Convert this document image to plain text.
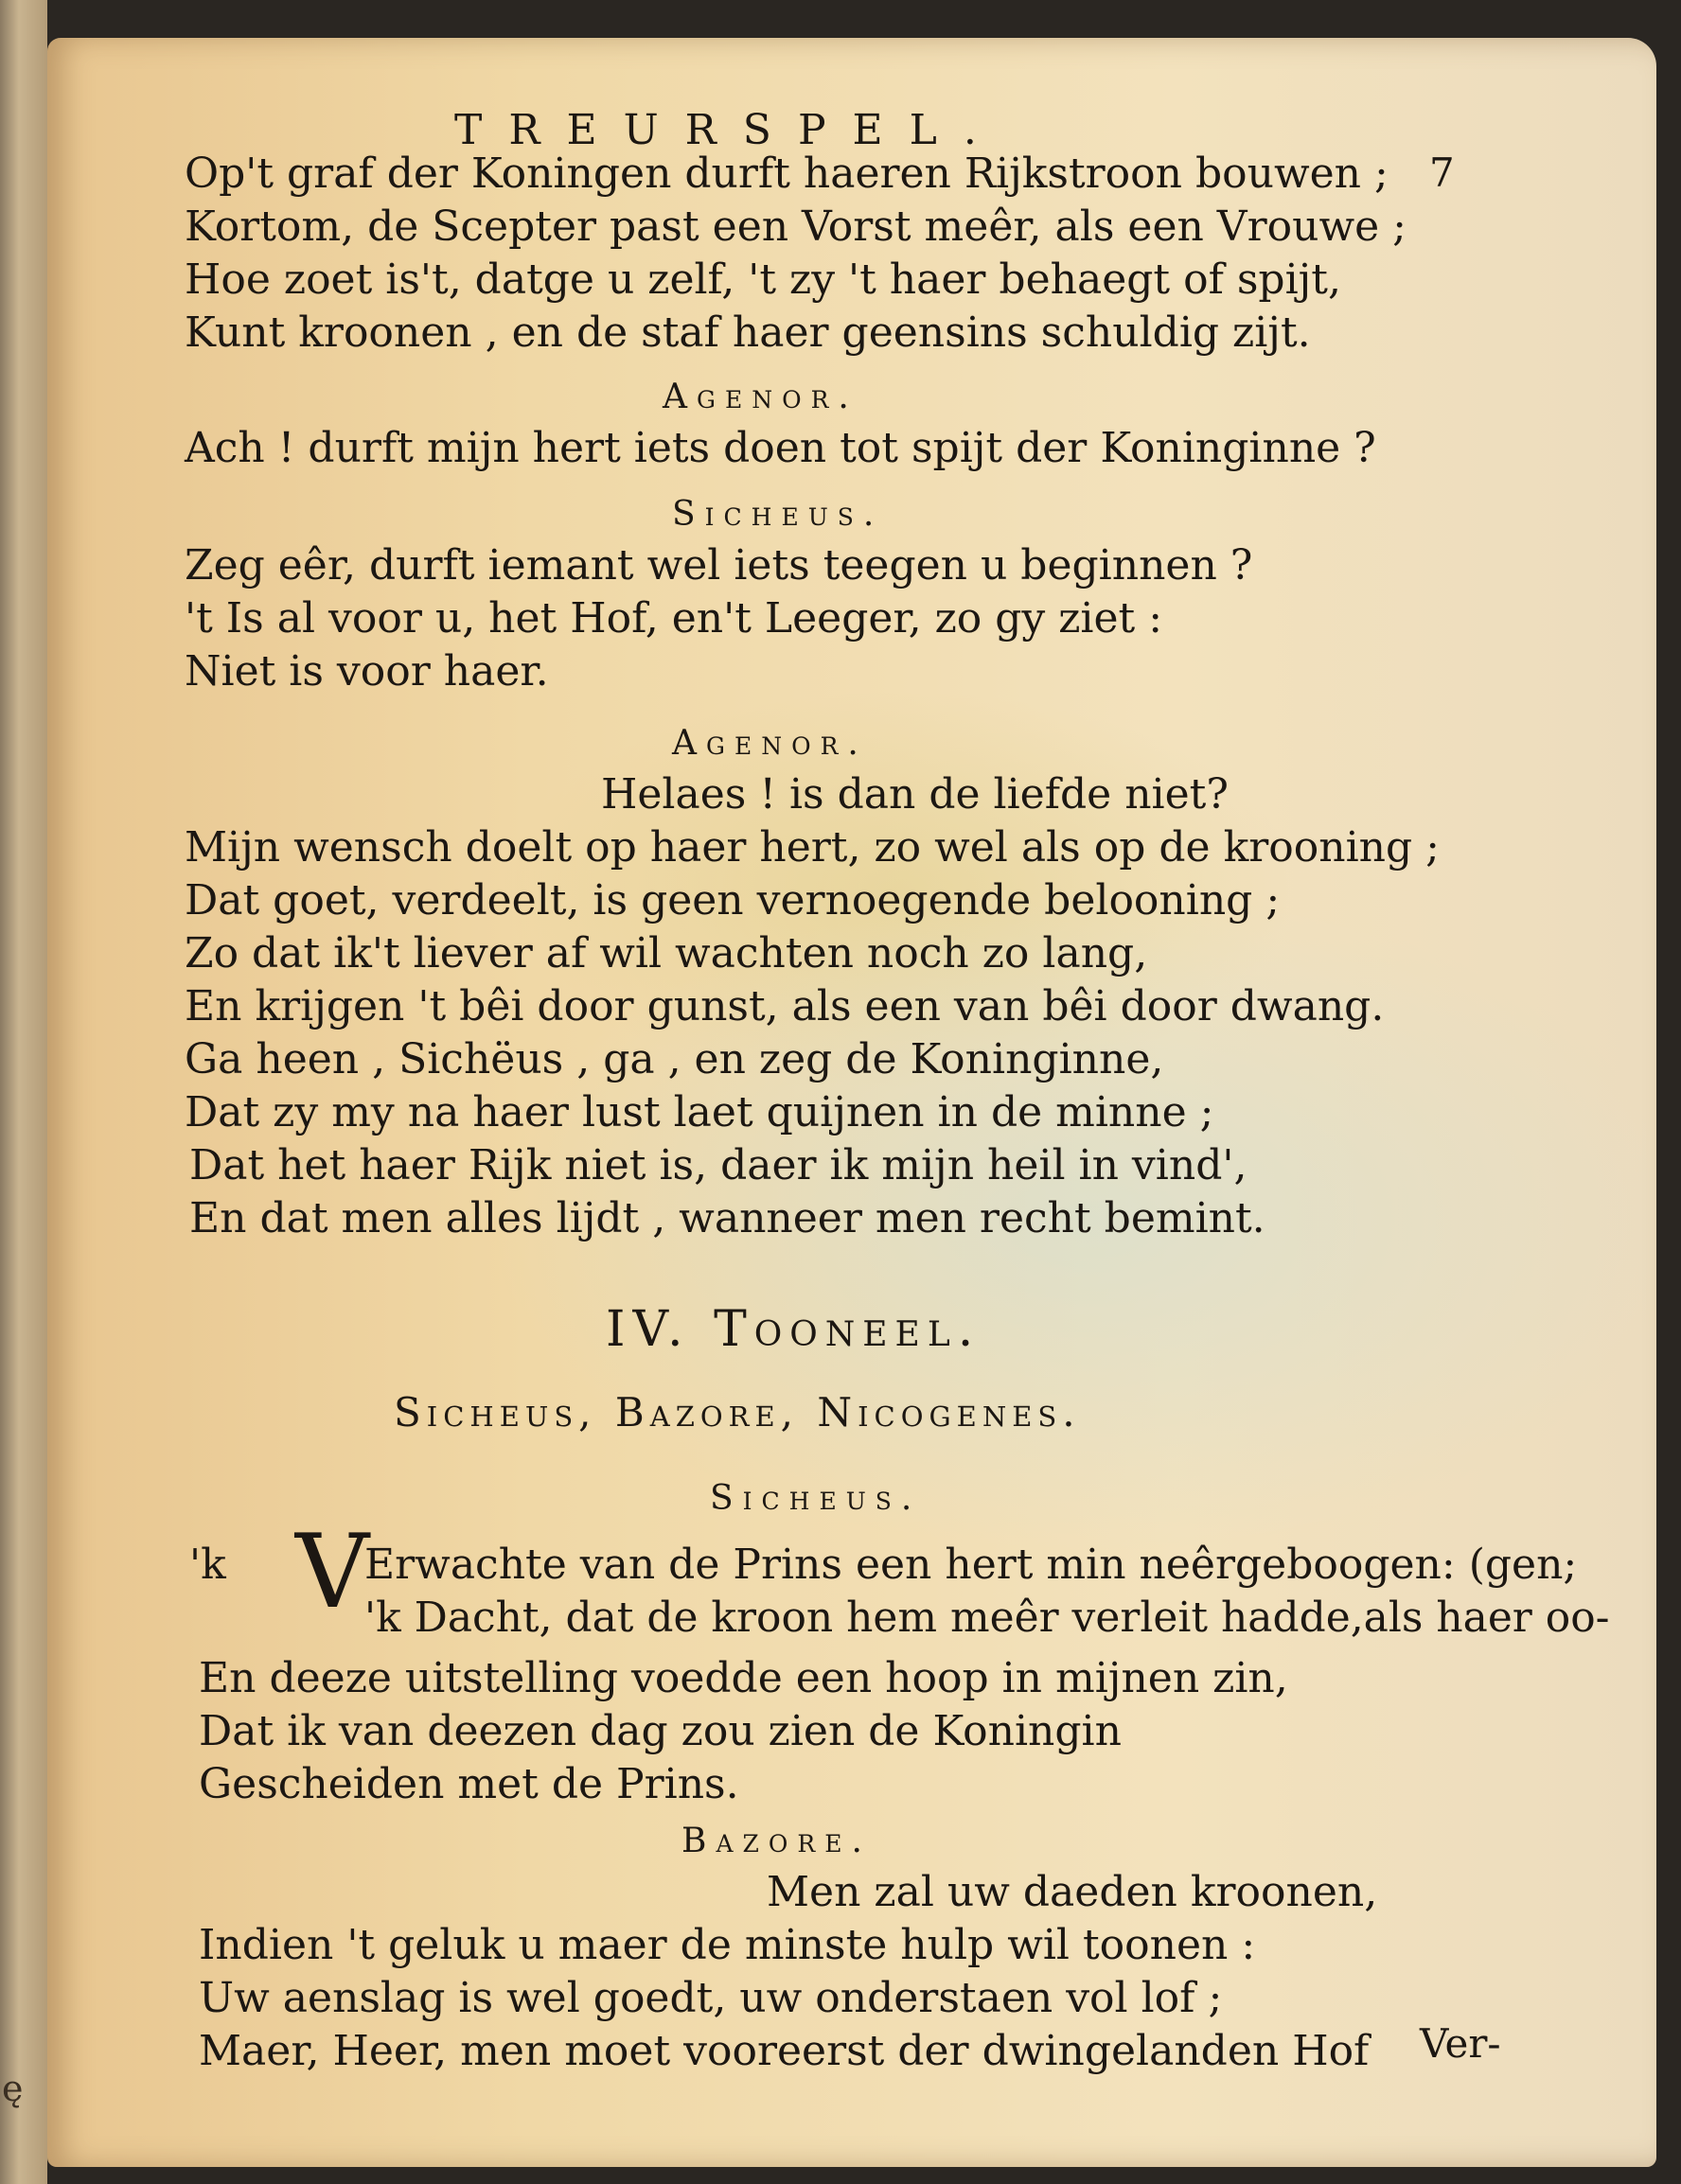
ę
TREURSPEL.
7
Op't graf der Koningen durft haeren Rijkstroon bouwen ;
Kortom, de Scepter past een Vorst meêr, als een Vrouwe ;
Hoe zoet is't, datge u zelf, 't zy 't haer behaegt of spijt,
Kunt kroonen , en de staf haer geensins schuldig zijt.
Agenor.
Ach ! durft mijn hert iets doen tot spijt der Koninginne ?
Sicheus.
Zeg eêr, durft iemant wel iets teegen u beginnen ?
't Is al voor u, het Hof, en't Leeger, zo gy ziet :
Niet is voor haer.
Agenor.
Helaes ! is dan de liefde niet?
Mijn wensch doelt op haer hert, zo wel als op de krooning ;
Dat goet, verdeelt, is geen vernoegende belooning ;
Zo dat ik't liever af wil wachten noch zo lang,
En krijgen 't bêi door gunst, als een van bêi door dwang.
Ga heen , Sichëus , ga , en zeg de Koninginne,
Dat zy my na haer lust laet quijnen in de minne ;
Dat het haer Rijk niet is, daer ik mijn heil in vind',
En dat men alles lijdt , wanneer men recht bemint.
IV. Tooneel.
Sicheus, Bazore, Nicogenes.
Sicheus.
'k V
Erwachte van de Prins een hert min neêrgeboogen: (gen;
'k Dacht, dat de kroon hem meêr verleit hadde,als haer oo-
En deeze uitstelling voedde een hoop in mijnen zin,
Dat ik van deezen dag zou zien de Koningin
Gescheiden met de Prins.
Bazore.
Men zal uw daeden kroonen,
Indien 't geluk u maer de minste hulp wil toonen :
Uw aenslag is wel goedt, uw onderstaen vol lof ;
Maer, Heer, men moet vooreerst der dwingelanden Hof Ver-
